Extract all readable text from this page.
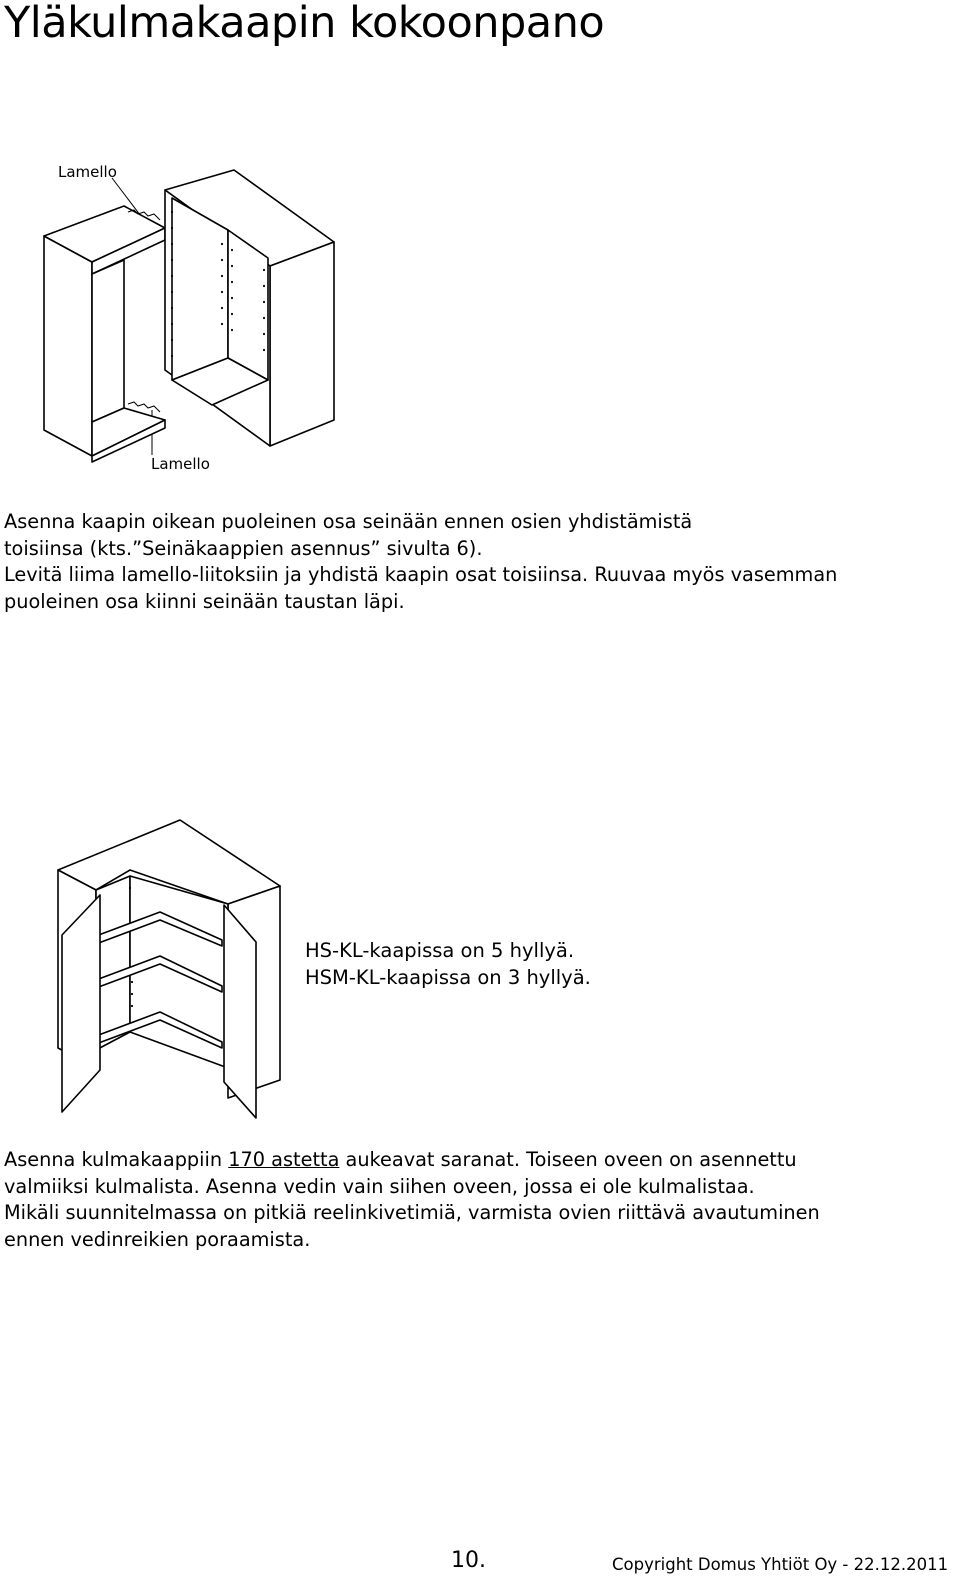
Yläkulmakaapin kokoonpano
Lamello
Lamello

Asenna kaapin oikean puoleinen osa seinään ennen osien yhdistämistä

toisiinsa (kts.”Seinäkaappien asennus” sivulta 6).

Levitä liima lamello-liitoksiin ja yhdistä kaapin osat toisiinsa. Ruuvaa myös vasemman

puoleinen osa kiinni seinään taustan läpi.

HS-KL-kaapissa on 5 hyllyä.

HSM-KL-kaapissa on 3 hyllyä.

Asenna kulmakaappiin 170 astetta aukeavat saranat. Toiseen oveen on asennettu

valmiiksi kulmalista. Asenna vedin vain siihen oveen, jossa ei ole kulmalistaa.

Mikäli suunnitelmassa on pitkiä reelinkivetimiä, varmista ovien riittävä avautuminen

ennen vedinreikien poraamista.

10.	Copyright Domus Yhtiöt Oy - 22.12.2011
